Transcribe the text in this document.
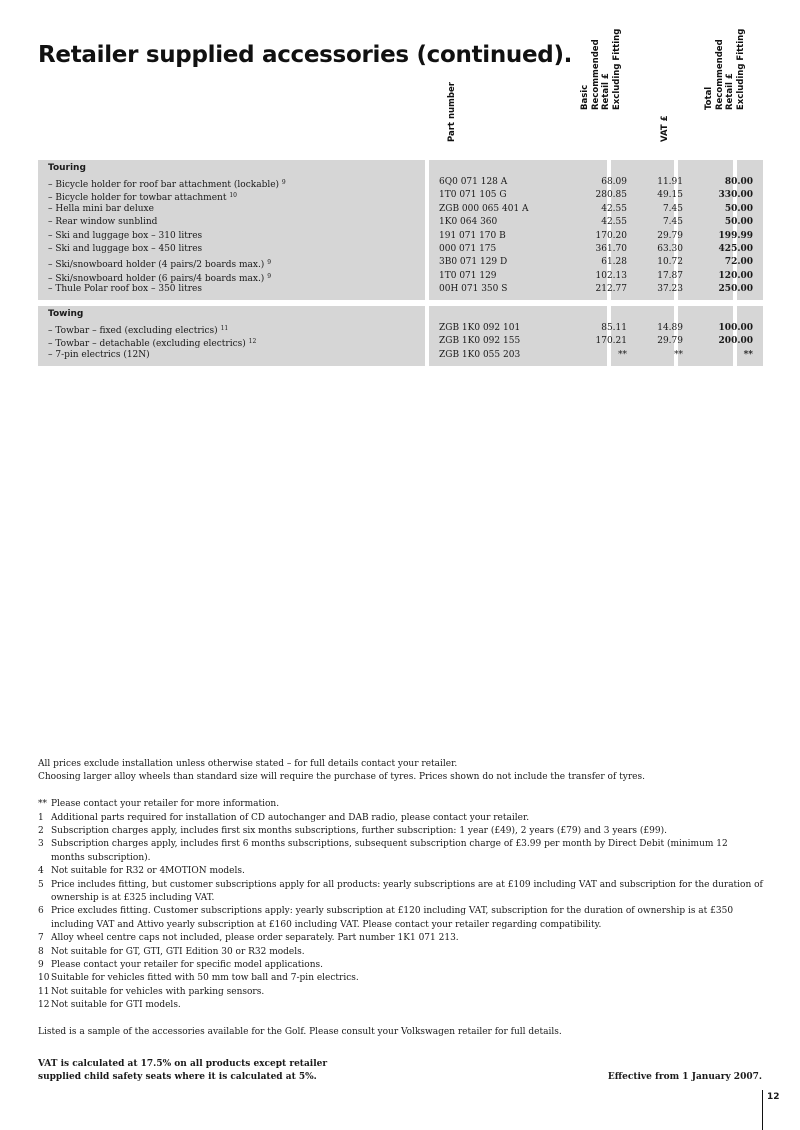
Retailer supplied accessories (continued).
Part number	Basic
Recommended
Retail £
Excluding Fitting
VAT £
Total
Recommended
Retail £
Excluding Fitting
Touring
– Bicycle holder for roof bar attachment (lockable) $^9$	6Q0 071 128 A	68.09	11.91	80.00
– Bicycle holder for towbar attachment $^{10}$	1T0 071 105 G	280.85	49.15	330.00
– Hella mini bar deluxe	ZGB 000 065 401 A	42.55	7.45	50.00
– Rear window sunblind	1K0 064 360	42.55	7.45	50.00
– Ski and luggage box – 310 litres	191 071 170 B	170.20	29.79	199.99
– Ski and luggage box – 450 litres	000 071 175	361.70	63.30	425.00
– Ski/snowboard holder (4 pairs/2 boards max.) $^9$	3B0 071 129 D	61.28	10.72	72.00
– Ski/snowboard holder (6 pairs/4 boards max.) $^9$	1T0 071 129	102.13	17.87	120.00
– Thule Polar roof box – 350 litres	00H 071 350 S	212.77	37.23	250.00
Towing
– Towbar – fixed (excluding electrics) $^{11}$	ZGB 1K0 092 101	85.11	14.89	100.00
– Towbar – detachable (excluding electrics) $^{12}$	ZGB 1K0 092 155	170.21	29.79	200.00
– 7-pin electrics (12N)	ZGB 1K0 055 203	**	**	**

All prices exclude installation unless otherwise stated – for full details contact your retailer.

Choosing larger alloy wheels than standard size will require the purchase of tyres. Prices shown do not include the transfer of tyres.

** Please contact your retailer for more information.
1 Additional parts required for installation of CD autochanger and DAB radio, please contact your retailer.
2 Subscription charges apply, includes first six months subscriptions, further subscription: 1 year (£49), 2 years (£79) and 3 years (£99).
3 Subscription charges apply, includes first 6 months subscriptions, subsequent subscription charge of £3.99 per month by Direct Debit (minimum 12 months subscription).
4 Not suitable for R32 or 4MOTION models.
5 Price includes fitting, but customer subscriptions apply for all products: yearly subscriptions are at £109 including VAT and subscription for the duration of ownership is at £325 including VAT.
6 Price excludes fitting. Customer subscriptions apply: yearly subscription at £120 including VAT, subscription for the duration of ownership is at £350 including VAT and Attivo yearly subscription at £160 including VAT. Please contact your retailer regarding compatibility.
7 Alloy wheel centre caps not included, please order separately. Part number 1K1 071 213.
8 Not suitable for GT, GTI, GTI Edition 30 or R32 models.
9 Please contact your retailer for specific model applications.
10 Suitable for vehicles fitted with 50 mm tow ball and 7-pin electrics.
11 Not suitable for vehicles with parking sensors.
12 Not suitable for GTI models.

Listed is a sample of the accessories available for the Golf. Please consult your Volkswagen retailer for full details.

VAT is calculated at 17.5% on all products except retailer
supplied child safety seats where it is calculated at 5%.	Effective from 1 January 2007.
12
